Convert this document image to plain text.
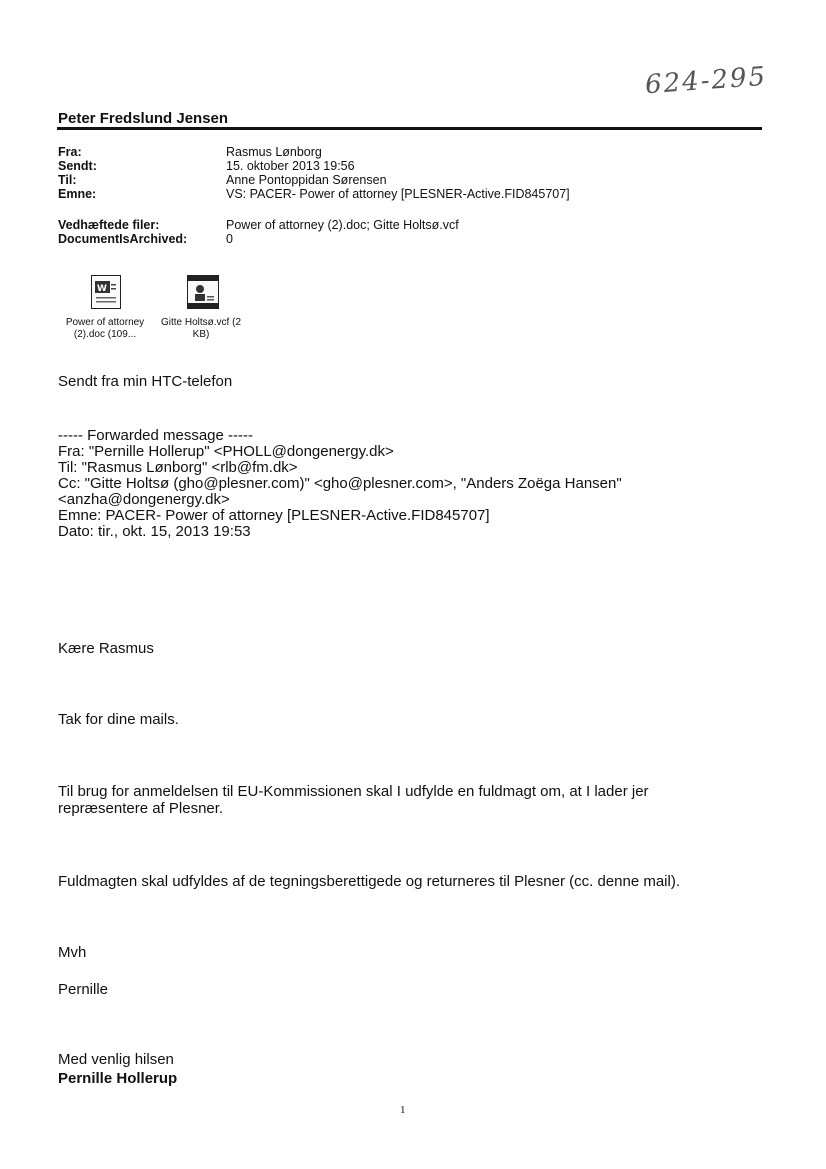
624-295
Peter Fredslund Jensen
Fra:	Rasmus Lønborg
Sendt:	15. oktober 2013 19:56
Til:	Anne Pontoppidan Sørensen
Emne:	VS: PACER- Power of attorney [PLESNER-Active.FID845707]
Vedhæftede filer:	Power of attorney (2).doc; Gitte Holtsø.vcf
DocumentIsArchived:	0
W
Power of attorney
(2).doc (109...
Gitte Holtsø.vcf (2
KB)
Sendt fra min HTC-telefon
----- Forwarded message -----
Fra: "Pernille Hollerup" <PHOLL@dongenergy.dk>
Til: "Rasmus Lønborg" <rlb@fm.dk>
Cc: "Gitte Holtsø (gho@plesner.com)" <gho@plesner.com>, "Anders Zoëga Hansen"
<anzha@dongenergy.dk>
Emne: PACER- Power of attorney [PLESNER-Active.FID845707]
Dato: tir., okt. 15, 2013 19:53
Kære Rasmus
Tak for dine mails.
Til brug for anmeldelsen til EU-Kommissionen skal I udfylde en fuldmagt om, at I lader jer
repræsentere af Plesner.
Fuldmagten skal udfyldes af de tegningsberettigede og returneres til Plesner (cc. denne mail).
Mvh
Pernille
Med venlig hilsen
Pernille Hollerup
1
